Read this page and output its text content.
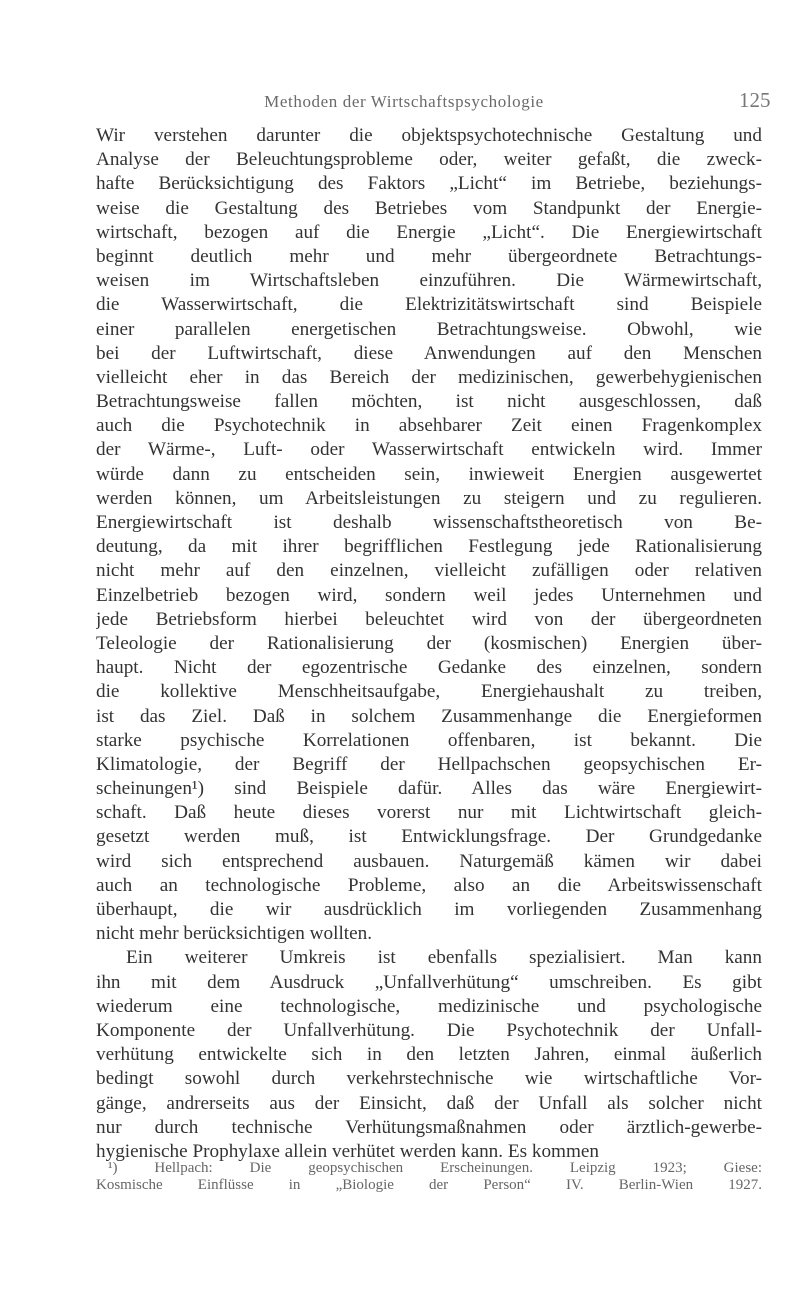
Methoden der Wirtschaftspsychologie	125
Wir verstehen darunter die objektspsychotechnische Gestaltung und
Analyse der Beleuchtungsprobleme oder, weiter gefaßt, die zweck-
hafte Berücksichtigung des Faktors „Licht“ im Betriebe, beziehungs-
weise die Gestaltung des Betriebes vom Standpunkt der Energie-
wirtschaft, bezogen auf die Energie „Licht“. Die Energiewirtschaft
beginnt deutlich mehr und mehr übergeordnete Betrachtungs-
weisen im Wirtschaftsleben einzuführen. Die Wärmewirtschaft,
die Wasserwirtschaft, die Elektrizitätswirtschaft sind Beispiele
einer parallelen energetischen Betrachtungsweise. Obwohl, wie
bei der Luftwirtschaft, diese Anwendungen auf den Menschen
vielleicht eher in das Bereich der medizinischen, gewerbehygienischen
Betrachtungsweise fallen möchten, ist nicht ausgeschlossen, daß
auch die Psychotechnik in absehbarer Zeit einen Fragenkomplex
der Wärme-, Luft- oder Wasserwirtschaft entwickeln wird. Immer
würde dann zu entscheiden sein, inwieweit Energien ausgewertet
werden können, um Arbeitsleistungen zu steigern und zu regulieren.
Energiewirtschaft ist deshalb wissenschaftstheoretisch von Be-
deutung, da mit ihrer begrifflichen Festlegung jede Rationalisierung
nicht mehr auf den einzelnen, vielleicht zufälligen oder relativen
Einzelbetrieb bezogen wird, sondern weil jedes Unternehmen und
jede Betriebsform hierbei beleuchtet wird von der übergeordneten
Teleologie der Rationalisierung der (kosmischen) Energien über-
haupt. Nicht der egozentrische Gedanke des einzelnen, sondern
die kollektive Menschheitsaufgabe, Energiehaushalt zu treiben,
ist das Ziel. Daß in solchem Zusammenhange die Energieformen
starke psychische Korrelationen offenbaren, ist bekannt. Die
Klimatologie, der Begriff der Hellpachschen geopsychischen Er-
scheinungen¹) sind Beispiele dafür. Alles das wäre Energiewirt-
schaft. Daß heute dieses vorerst nur mit Lichtwirtschaft gleich-
gesetzt werden muß, ist Entwicklungsfrage. Der Grundgedanke
wird sich entsprechend ausbauen. Naturgemäß kämen wir dabei
auch an technologische Probleme, also an die Arbeitswissenschaft
überhaupt, die wir ausdrücklich im vorliegenden Zusammenhang
nicht mehr berücksichtigen wollten.
Ein weiterer Umkreis ist ebenfalls spezialisiert. Man kann
ihn mit dem Ausdruck „Unfallverhütung“ umschreiben. Es gibt
wiederum eine technologische, medizinische und psychologische
Komponente der Unfallverhütung. Die Psychotechnik der Unfall-
verhütung entwickelte sich in den letzten Jahren, einmal äußerlich
bedingt sowohl durch verkehrstechnische wie wirtschaftliche Vor-
gänge, andrerseits aus der Einsicht, daß der Unfall als solcher nicht
nur durch technische Verhütungsmaßnahmen oder ärztlich-gewerbe-
hygienische Prophylaxe allein verhütet werden kann. Es kommen
¹) Hellpach: Die geopsychischen Erscheinungen. Leipzig 1923; Giese:
Kosmische Einflüsse in „Biologie der Person“ IV. Berlin-Wien 1927.
